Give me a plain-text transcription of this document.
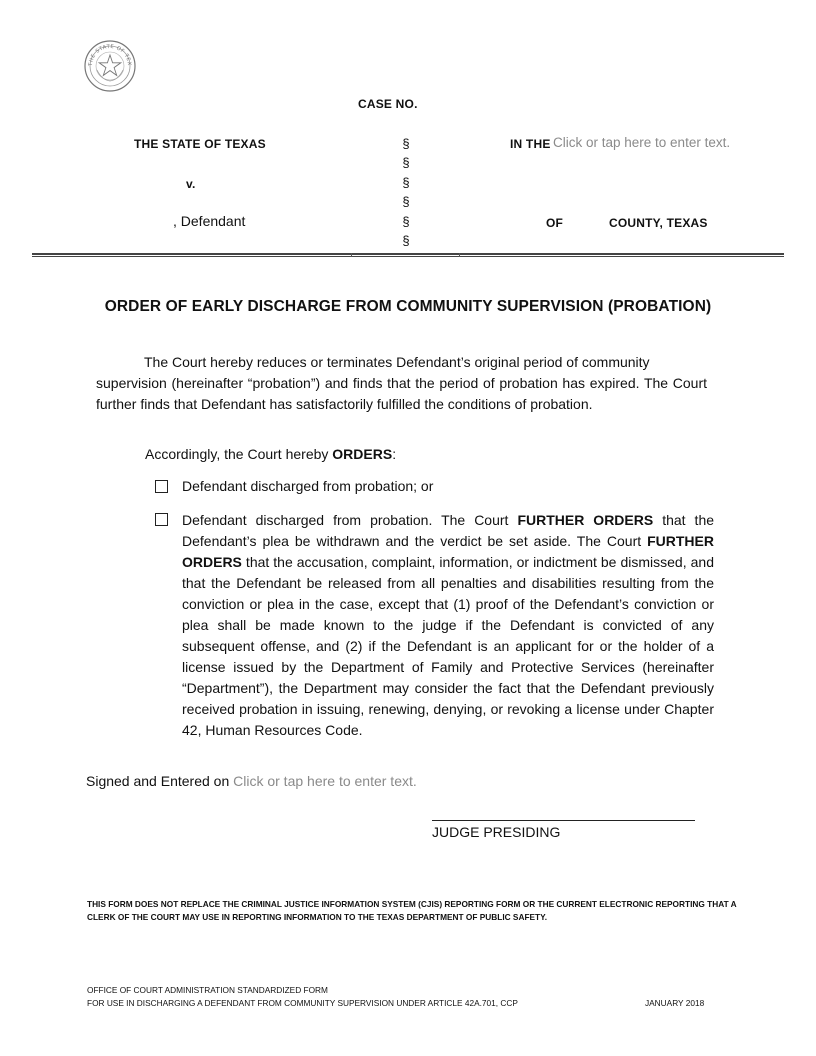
THE STATE OF TEX
CASE NO.
THE STATE OF TEXAS
v.
, Defendant
§
§
§
§
§
§
IN THE Click or tap here to enter text.
OF	COUNTY, TEXAS
ORDER OF EARLY DISCHARGE FROM COMMUNITY SUPERVISION (PROBATION)
The Court hereby reduces or terminates Defendant’s original period of community
supervision (hereinafter “probation”) and finds that the period of probation has expired. The Court further finds that Defendant has satisfactorily fulfilled the conditions of probation.
Accordingly, the Court hereby ORDERS:
Defendant discharged from probation; or
Defendant discharged from probation. The Court FURTHER ORDERS that the Defendant’s plea be withdrawn and the verdict be set aside. The Court FURTHER ORDERS that the accusation, complaint, information, or indictment be dismissed, and that the Defendant be released from all penalties and disabilities resulting from the conviction or plea in the case, except that (1) proof of the Defendant’s conviction or plea shall be made known to the judge if the Defendant is convicted of any subsequent offense, and (2) if the Defendant is an applicant for or the holder of a license issued by the Department of Family and Protective Services (hereinafter “Department”), the Department may consider the fact that the Defendant previously received probation in issuing, renewing, denying, or revoking a license under Chapter 42, Human Resources Code.
Signed and Entered on Click or tap here to enter text.
JUDGE PRESIDING
THIS FORM DOES NOT REPLACE THE CRIMINAL JUSTICE INFORMATION SYSTEM (CJIS) REPORTING FORM OR THE CURRENT ELECTRONIC REPORTING THAT A CLERK OF THE COURT MAY USE IN REPORTING INFORMATION TO THE TEXAS DEPARTMENT OF PUBLIC SAFETY.
OFFICE OF COURT ADMINISTRATION STANDARDIZED FORM
FOR USE IN DISCHARGING A DEFENDANT FROM COMMUNITY SUPERVISION UNDER ARTICLE 42A.701, CCP	JANUARY 2018
